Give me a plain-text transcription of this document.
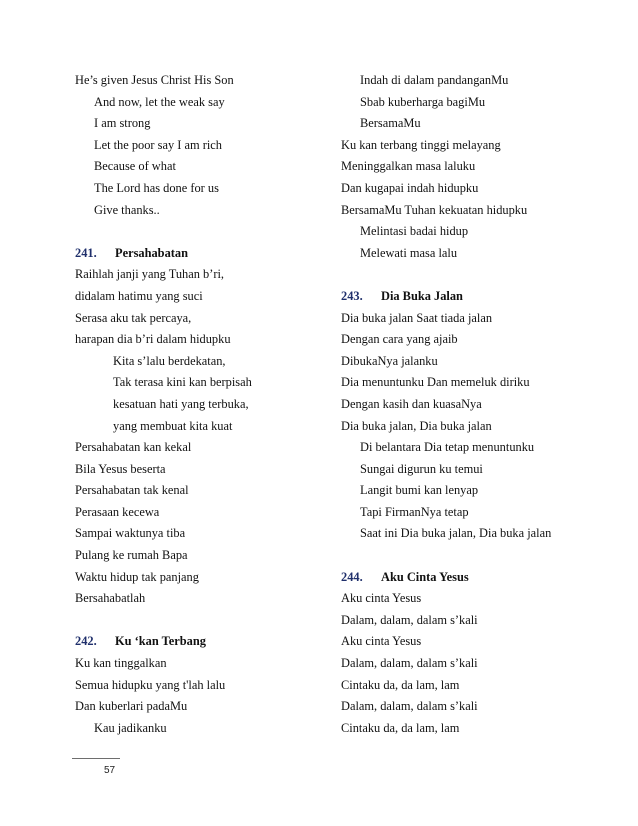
He’s given Jesus Christ His Son
And now, let the weak say
I am strong
Let the poor say I am rich
Because of what
The Lord has done for us
Give thanks..
241. Persahabatan
Raihlah janji yang Tuhan b’ri,
didalam hatimu yang suci
Serasa aku tak percaya,
harapan dia b’ri dalam hidupku
Kita s’lalu berdekatan,
Tak terasa kini kan berpisah
kesatuan hati yang terbuka,
yang membuat kita kuat
Persahabatan kan kekal
Bila Yesus beserta
Persahabatan tak kenal
Perasaan kecewa
Sampai waktunya tiba
Pulang ke rumah Bapa
Waktu hidup tak panjang
Bersahabatlah
242. Ku ‘kan Terbang
Ku kan tinggalkan
Semua hidupku yang t'lah lalu
Dan kuberlari padaMu
Kau jadikanku
Indah di dalam pandanganMu
Sbab kuberharga bagiMu
BersamaMu
Ku kan terbang tinggi melayang
Meninggalkan masa laluku
Dan kugapai indah hidupku
BersamaMu Tuhan kekuatan hidupku
Melintasi badai hidup
Melewati masa lalu
243. Dia Buka Jalan
Dia buka jalan Saat tiada jalan
Dengan cara yang ajaib
DibukaNya jalanku
Dia menuntunku Dan memeluk diriku
Dengan kasih dan kuasaNya
Dia buka jalan, Dia buka jalan
Di belantara Dia tetap menuntunku
Sungai digurun ku temui
Langit bumi kan lenyap
Tapi FirmanNya tetap
Saat ini Dia buka jalan, Dia buka jalan
244. Aku Cinta Yesus
Aku cinta Yesus
Dalam, dalam, dalam s’kali
Aku cinta Yesus
Dalam, dalam, dalam s’kali
Cintaku da, da lam, lam
Dalam, dalam, dalam s’kali
Cintaku da, da lam, lam
57
